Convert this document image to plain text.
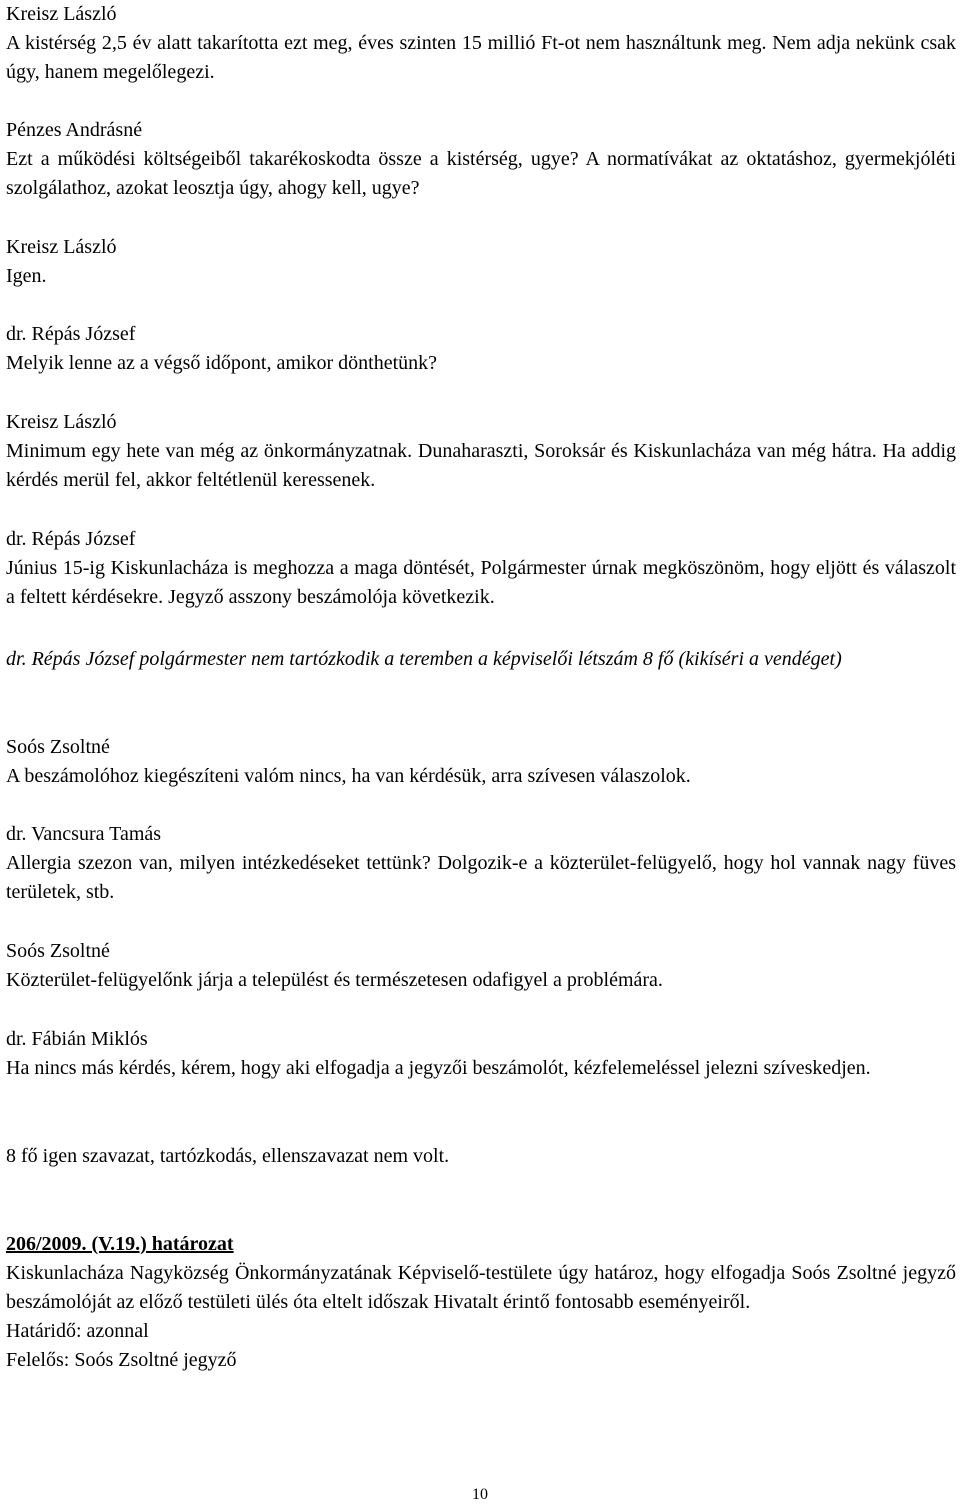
Kreisz László
A kistérség 2,5 év alatt takarította ezt meg, éves szinten 15 millió Ft-ot nem használtunk meg. Nem adja nekünk csak úgy, hanem megelőlegezi.
Pénzes Andrásné
Ezt a működési költségeiből takarékoskodta össze a kistérség, ugye? A normatívákat az oktatáshoz, gyermekjóléti szolgálathoz, azokat leosztja úgy, ahogy kell, ugye?
Kreisz László
Igen.
dr. Répás József
Melyik lenne az a végső időpont, amikor dönthetünk?
Kreisz László
Minimum egy hete van még az önkormányzatnak. Dunaharaszti, Soroksár és Kiskunlacháza van még hátra. Ha addig kérdés merül fel, akkor feltétlenül keressenek.
dr. Répás József
Június 15-ig Kiskunlacháza is meghozza a maga döntését, Polgármester úrnak megköszönöm, hogy eljött és válaszolt a feltett kérdésekre. Jegyző asszony beszámolója következik.
dr. Répás József polgármester nem tartózkodik a teremben a képviselői létszám 8 fő (kikíséri a vendéget)
Soós Zsoltné
A beszámolóhoz kiegészíteni valóm nincs, ha van kérdésük, arra szívesen válaszolok.
dr. Vancsura Tamás
Allergia szezon van, milyen intézkedéseket tettünk? Dolgozik-e a közterület-felügyelő, hogy hol vannak nagy füves területek, stb.
Soós Zsoltné
Közterület-felügyelőnk járja a települést és természetesen odafigyel a problémára.
dr. Fábián Miklós
Ha nincs más kérdés, kérem, hogy aki elfogadja a jegyzői beszámolót, kézfelemeléssel jelezni szíveskedjen.
8 fő igen szavazat, tartózkodás, ellenszavazat nem volt.
206/2009. (V.19.) határozat
Kiskunlacháza Nagyközség Önkormányzatának Képviselő-testülete úgy határoz, hogy elfogadja Soós Zsoltné jegyző beszámolóját az előző testületi ülés óta eltelt időszak Hivatalt érintő fontosabb eseményeiről.
Határidő: azonnal
Felelős: Soós Zsoltné jegyző
10
